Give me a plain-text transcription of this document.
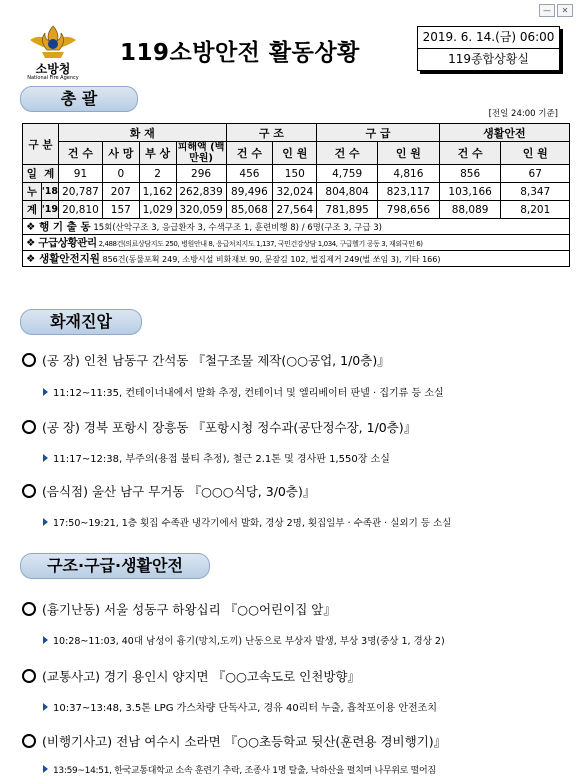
—	✕
소방청
National Fire Agency
119소방안전 활동상황
2019. 6. 14.(금) 06:00
119종합상황실
총 괄
[전일 24:00 기준]
구 분		화 재				구 조		구 급		생활안전	
		건 수	사 망	부 상	피해액 (백만원)	건 수	인 원	건 수	인 원	건 수	인 원
일 계		91	0	2	296	456	150	4,759	4,816	856	67
누	'18	20,787	207	1,162	262,839	89,496	32,024	804,804	823,117	103,166	8,347
계	'19	20,810	157	1,029	320,059	85,068	27,564	781,895	798,656	88,089	8,201
❖ 행 기 출 동 15회(산악구조 3, 응급환자 3, 수색구조 1, 훈련비행 8) / 6명(구조 3, 구급 3)											
❖ 구급상황관리 2,488건(의료상담지도 250, 병원안내 8, 응급처치지도 1,137, 국민건강상담 1,034, 구급헬기 공동 3, 재외국민 6)											
❖ 생활안전지원 856건(동물포획 249, 소방시설 비화재보 90, 문잠김 102, 벌집제거 249(벌 쏘임 3), 기타 166)											
화재진압
(공 장) 인천 남동구 간석동 『철구조물 제작(○○공업, 1/0층)』
11:12~11:35, 컨테이너내에서 발화 추정, 컨테이너 및 엘리베이터 판넬 · 집기류 등 소실
(공 장) 경북 포항시 장흥동 『포항시청 정수과(공단정수장, 1/0층)』
11:17~12:38, 부주의(용접 불티 추정), 철근 2.1톤 및 경사판 1,550장 소실
(음식점) 울산 남구 무거동 『○○○식당, 3/0층)』
17:50~19:21, 1층 횟집 수족관 냉각기에서 발화, 경상 2명, 횟집일부 · 수족관 · 실외기 등 소실
구조·구급·생활안전
(흉기난동) 서울 성동구 하왕십리 『○○어린이집 앞』
10:28~11:03, 40대 남성이 흉기(망치,도끼) 난동으로 부상자 발생, 부상 3명(중상 1, 경상 2)
(교통사고) 경기 용인시 양지면 『○○고속도로 인천방향』
10:37~13:48, 3.5톤 LPG 가스차량 단독사고, 경유 40리터 누출, 흡착포이용 안전조치
(비행기사고) 전남 여수시 소라면 『○○초등학교 뒷산(훈련용 경비행기)』
13:59~14:51, 한국교통대학교 소속 훈련기 추락, 조종사 1명 탈출, 낙하산을 펼치며 나무위로 떨어짐
